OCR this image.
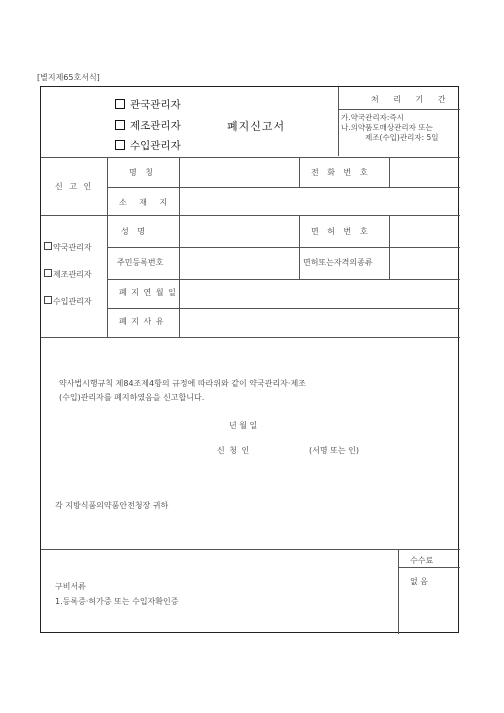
[별지제65호서식]
관국관리자
제조관리자
수입관리자
폐지신고서
처 리 기 간
가.약국관리자:즉시
나.의약품도매상관리자 또는
제조(수입)관리자: 5일
신 고 인
명 칭	전 화 번 호
소 재 지
약국관리자
제조관리자
수입관리자
성 명	면 허 번 호
주민등록번호	면허또는자격의종류
폐 지 연 월 일
폐 지 사 유
약사법시행규칙 제84조제4항의 규정에 따라위와 같이 약국관리자·제조
(수입)관리자를 폐지하였음을 신고합니다.
년 월 일
신 청 인	(서명 또는 인)
각 지방식품의약품안전청장 귀하
수수료
없 음
구비서류
1.등록증·허가증 또는 수입자확인증
